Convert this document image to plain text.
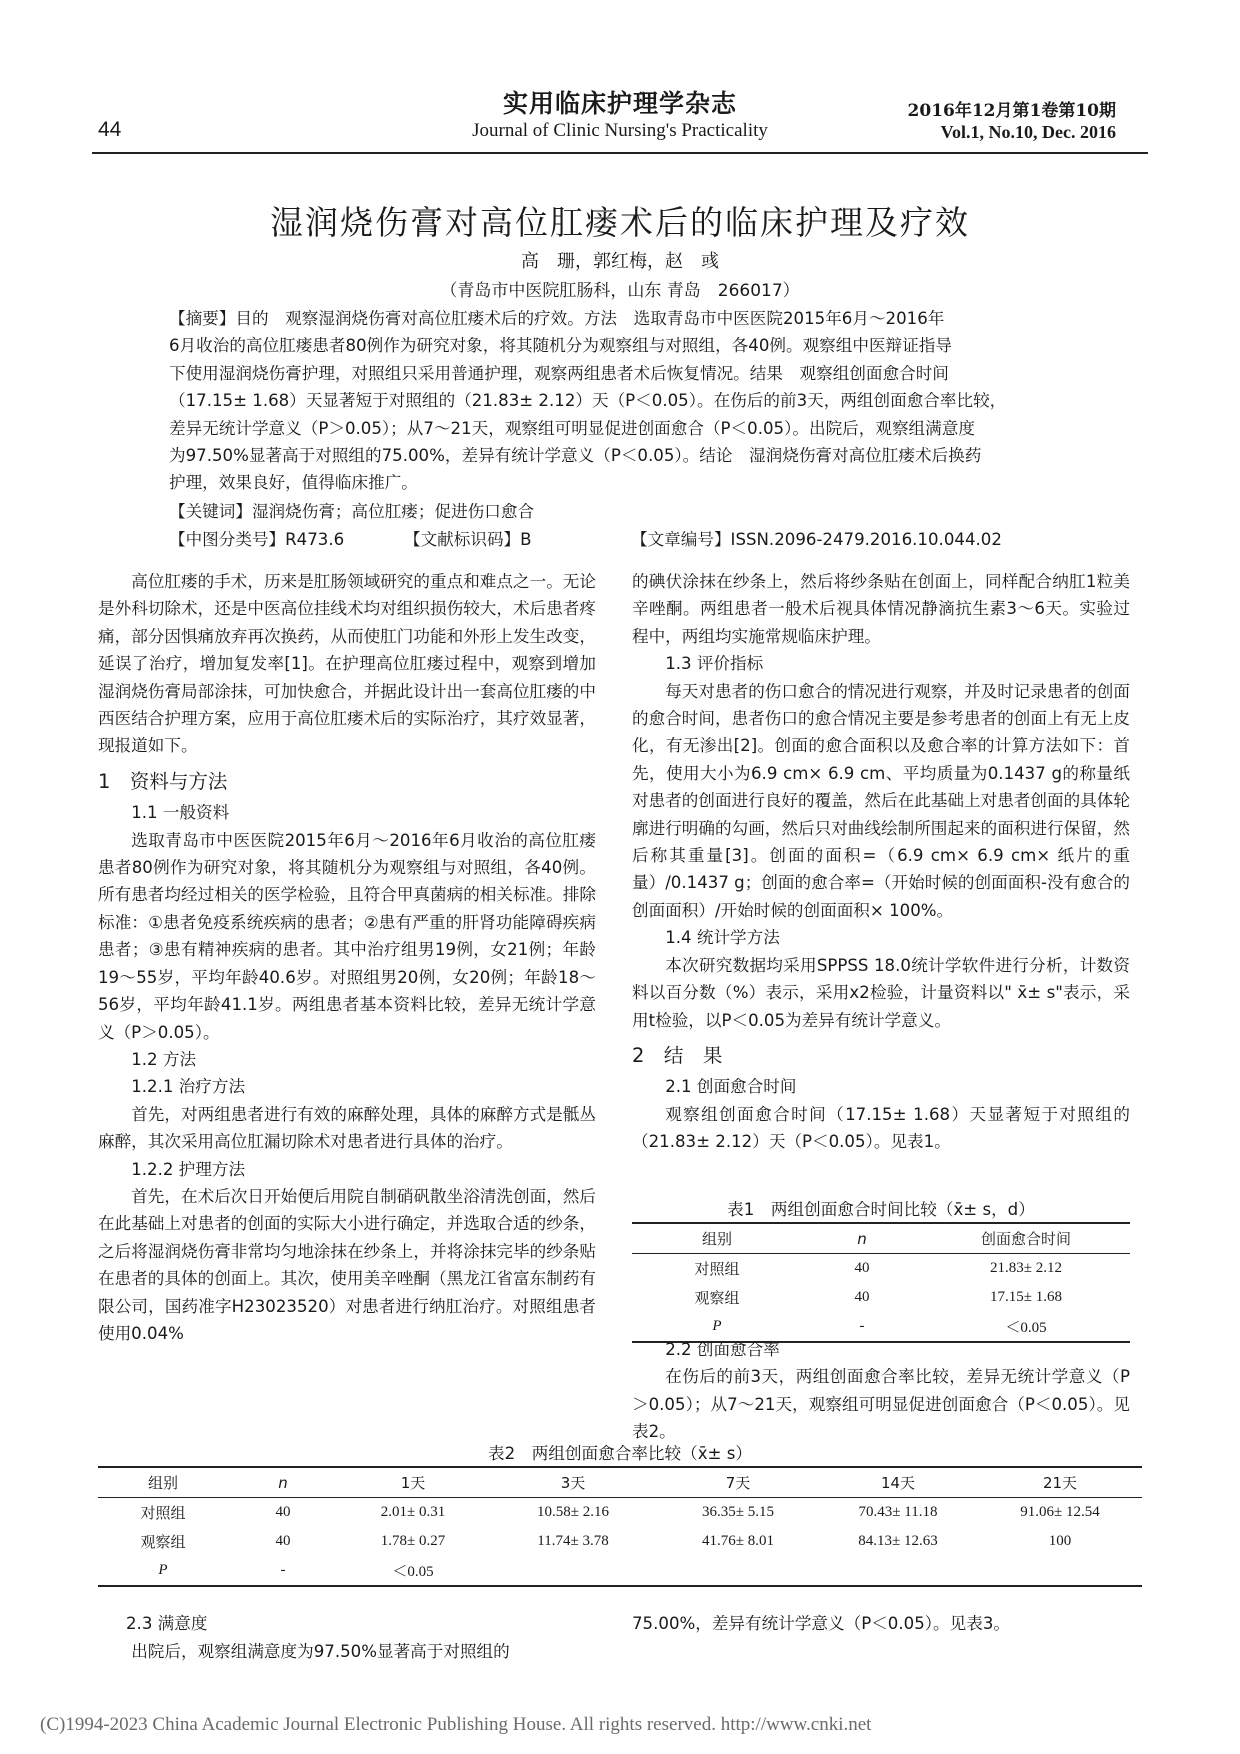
44
实用临床护理学杂志
Journal of Clinic Nursing's Practicality
2016年12月第1卷第10期
Vol.1, No.10, Dec. 2016
湿润烧伤膏对高位肛瘘术后的临床护理及疗效
高　珊，郭红梅，赵　彧
（青岛市中医院肛肠科，山东 青岛　266017）
【摘要】目的　观察湿润烧伤膏对高位肛瘘术后的疗效。方法　选取青岛市中医医院2015年6月～2016年
6月收治的高位肛瘘患者80例作为研究对象，将其随机分为观察组与对照组，各40例。观察组中医辩证指导
下使用湿润烧伤膏护理，对照组只采用普通护理，观察两组患者术后恢复情况。结果　观察组创面愈合时间
（17.15± 1.68）天显著短于对照组的（21.83± 2.12）天（P＜0.05）。在伤后的前3天，两组创面愈合率比较，
差异无统计学意义（P＞0.05）；从7～21天，观察组可明显促进创面愈合（P＜0.05）。出院后，观察组满意度
为97.50%显著高于对照组的75.00%，差异有统计学意义（P＜0.05）。结论　湿润烧伤膏对高位肛瘘术后换药
护理，效果良好，值得临床推广。
【关键词】湿润烧伤膏；高位肛瘘；促进伤口愈合
【中图分类号】R473.6	【文献标识码】B	【文章编号】ISSN.2096-2479.2016.10.044.02
高位肛瘘的手术，历来是肛肠领域研究的重点和难点之一。无论是外科切除术，还是中医高位挂线术均对组织损伤较大，术后患者疼痛，部分因惧痛放弃再次换药，从而使肛门功能和外形上发生改变，延误了治疗，增加复发率[1]。在护理高位肛瘘过程中，观察到增加湿润烧伤膏局部涂抹，可加快愈合，并据此设计出一套高位肛瘘的中西医结合护理方案，应用于高位肛瘘术后的实际治疗，其疗效显著，现报道如下。
1　资料与方法
1.1 一般资料
选取青岛市中医医院2015年6月～2016年6月收治的高位肛瘘患者80例作为研究对象，将其随机分为观察组与对照组，各40例。所有患者均经过相关的医学检验，且符合甲真菌病的相关标准。排除标准：①患者免疫系统疾病的患者；②患有严重的肝肾功能障碍疾病患者；③患有精神疾病的患者。其中治疗组男19例，女21例；年龄19～55岁，平均年龄40.6岁。对照组男20例，女20例；年龄18～56岁，平均年龄41.1岁。两组患者基本资料比较，差异无统计学意义（P＞0.05）。
1.2 方法
1.2.1 治疗方法
首先，对两组患者进行有效的麻醉处理，具体的麻醉方式是骶丛麻醉，其次采用高位肛漏切除术对患者进行具体的治疗。
1.2.2 护理方法
首先，在术后次日开始便后用院自制硝矾散坐浴清洗创面，然后在此基础上对患者的创面的实际大小进行确定，并选取合适的纱条，之后将湿润烧伤膏非常均匀地涂抹在纱条上，并将涂抹完毕的纱条贴在患者的具体的创面上。其次，使用美辛唑酮（黑龙江省富东制药有限公司，国药准字H23023520）对患者进行纳肛治疗。对照组患者使用0.04%
的碘伏涂抹在纱条上，然后将纱条贴在创面上，同样配合纳肛1粒美辛唑酮。两组患者一般术后视具体情况静滴抗生素3～6天。实验过程中，两组均实施常规临床护理。
1.3 评价指标
每天对患者的伤口愈合的情况进行观察，并及时记录患者的创面的愈合时间，患者伤口的愈合情况主要是参考患者的创面上有无上皮化，有无渗出[2]。创面的愈合面积以及愈合率的计算方法如下：首先，使用大小为6.9 cm× 6.9 cm、平均质量为0.1437 g的称量纸对患者的创面进行良好的覆盖，然后在此基础上对患者创面的具体轮廓进行明确的勾画，然后只对曲线绘制所围起来的面积进行保留，然后称其重量[3]。创面的面积=（6.9 cm× 6.9 cm× 纸片的重量）/0.1437 g；创面的愈合率=（开始时候的创面面积-没有愈合的创面面积）/开始时候的创面面积× 100%。
1.4 统计学方法
本次研究数据均采用SPPSS 18.0统计学软件进行分析，计数资料以百分数（%）表示，采用x2检验，计量资料以" x̄± s"表示，采用t检验，以P＜0.05为差异有统计学意义。
2　结　果
2.1 创面愈合时间
观察组创面愈合时间（17.15± 1.68）天显著短于对照组的（21.83± 2.12）天（P＜0.05）。见表1。
表1　两组创面愈合时间比较（x̄± s，d）
组别	n	创面愈合时间
对照组	40	21.83± 2.12
观察组	40	17.15± 1.68
P	-	＜0.05
2.2 创面愈合率
在伤后的前3天，两组创面愈合率比较，差异无统计学意义（P＞0.05）；从7～21天，观察组可明显促进创面愈合（P＜0.05）。见表2。
表2　两组创面愈合率比较（x̄± s）
组别	n	1天	3天	7天	14天	21天
对照组	40	2.01± 0.31	10.58± 2.16	36.35± 5.15	70.43± 11.18	91.06± 12.54
观察组	40	1.78± 0.27	11.74± 3.78	41.76± 8.01	84.13± 12.63	100
P	-	＜0.05				
2.3 满意度
出院后，观察组满意度为97.50%显著高于对照组的
75.00%，差异有统计学意义（P＜0.05）。见表3。
(C)1994-2023 China Academic Journal Electronic Publishing House. All rights reserved. http://www.cnki.net
